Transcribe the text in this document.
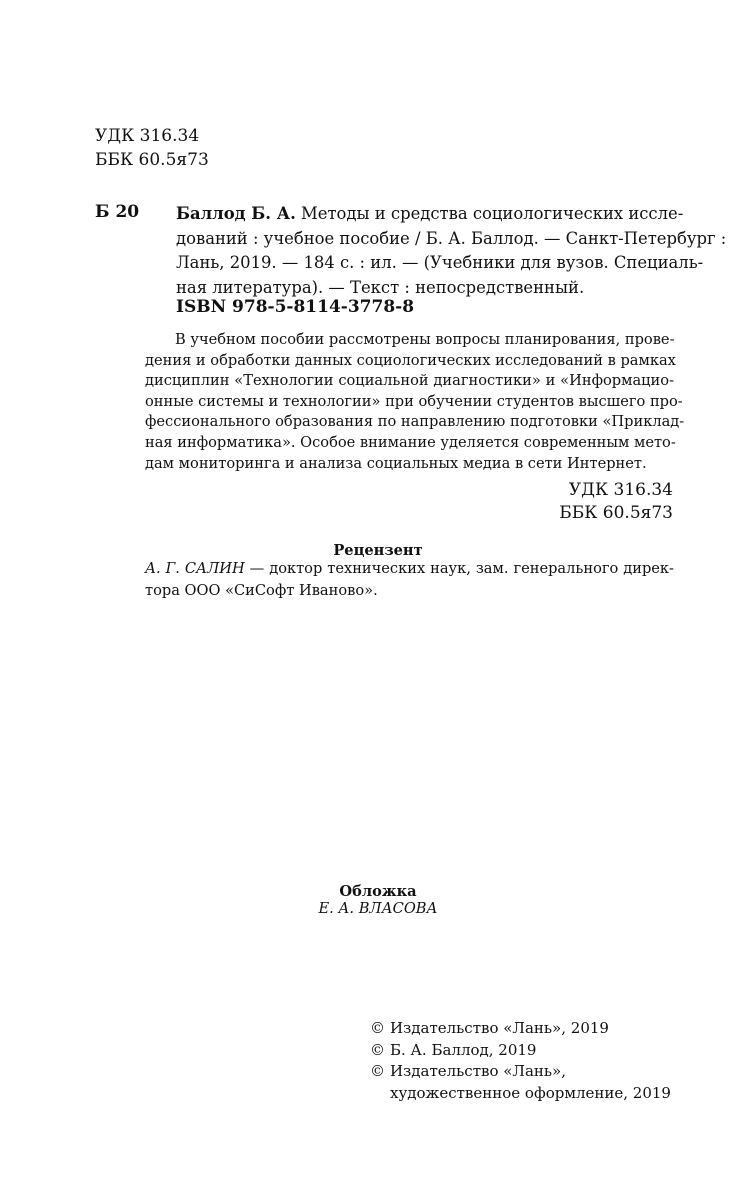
УДК 316.34
ББК 60.5я73
Б 20 Баллод Б. А. Методы и средства социологических иссле-
дований : учебное пособие / Б. А. Баллод. — Санкт-Петербург :
Лань, 2019. — 184 с. : ил. — (Учебники для вузов. Специаль-
ная литература). — Текст : непосредственный.
ISBN 978-5-8114-3778-8
В учебном пособии рассмотрены вопросы планирования, прове-
дения и обработки данных социологических исследований в рамках
дисциплин «Технологии социальной диагностики» и «Информацио-
онные системы и технологии» при обучении студентов высшего про-
фессионального образования по направлению подготовки «Приклад-
ная информатика». Особое внимание уделяется современным мето-
дам мониторинга и анализа социальных медиа в сети Интернет.
УДК 316.34
ББК 60.5я73
Рецензент
А. Г. САЛИН — доктор технических наук, зам. генерального дирек-
тора ООО «СиСофт Иваново».
Обложка
Е. А. ВЛАСОВА
© Издательство «Лань», 2019
© Б. А. Баллод, 2019
© Издательство «Лань»,
художественное оформление, 2019
